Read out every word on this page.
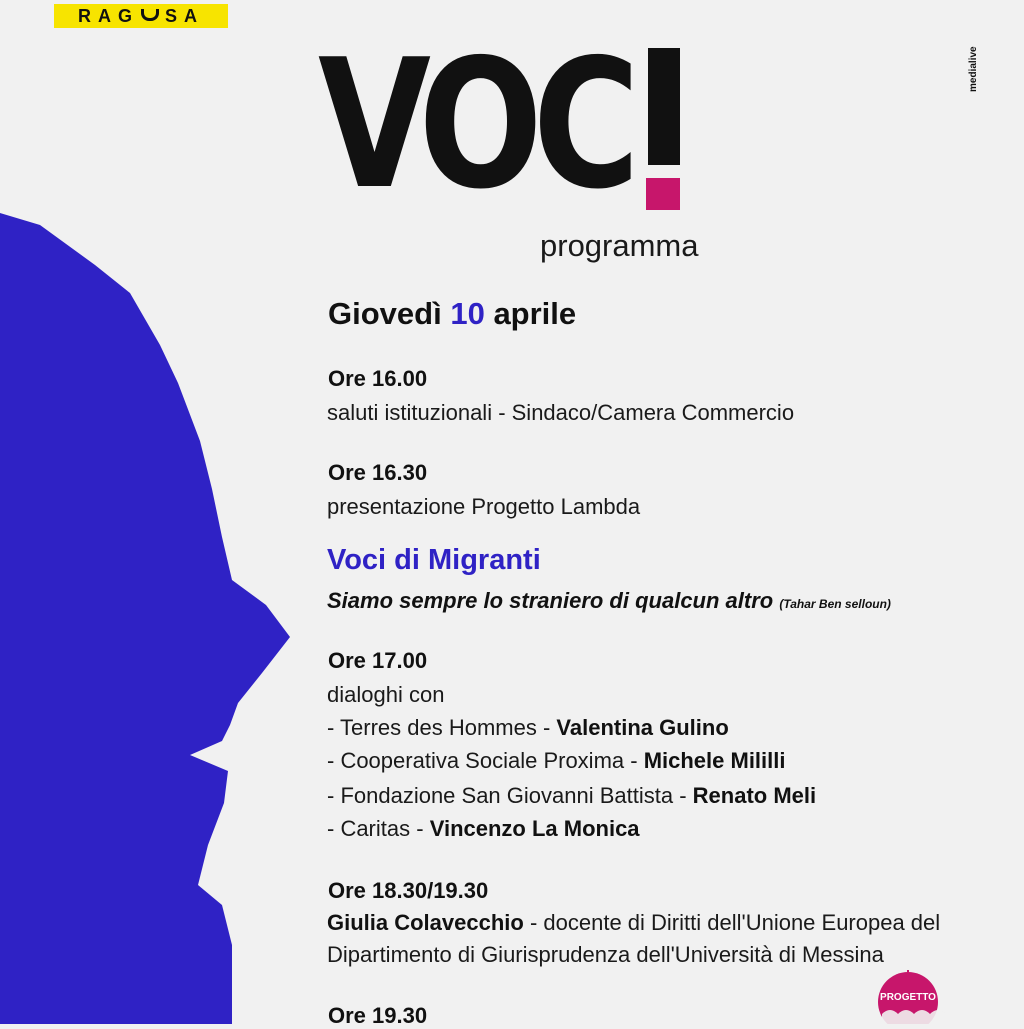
RAG SA
VOC
programma
medialive
Giovedì 10 aprile
Ore 16.00
saluti istituzionali - Sindaco/Camera Commercio
Ore 16.30
presentazione Progetto Lambda
Voci di Migranti
Siamo sempre lo straniero di qualcun altro (Tahar Ben selloun)
Ore 17.00
dialoghi con
- Terres des Hommes - Valentina Gulino
- Cooperativa Sociale Proxima - Michele Mililli
- Fondazione San Giovanni Battista - Renato Meli
- Caritas - Vincenzo La Monica
Ore 18.30/19.30
Giulia Colavecchio - docente di Diritti dell'Unione Europea del
Dipartimento di Giurisprudenza dell'Università di Messina
Ore 19.30
PROGETTO
